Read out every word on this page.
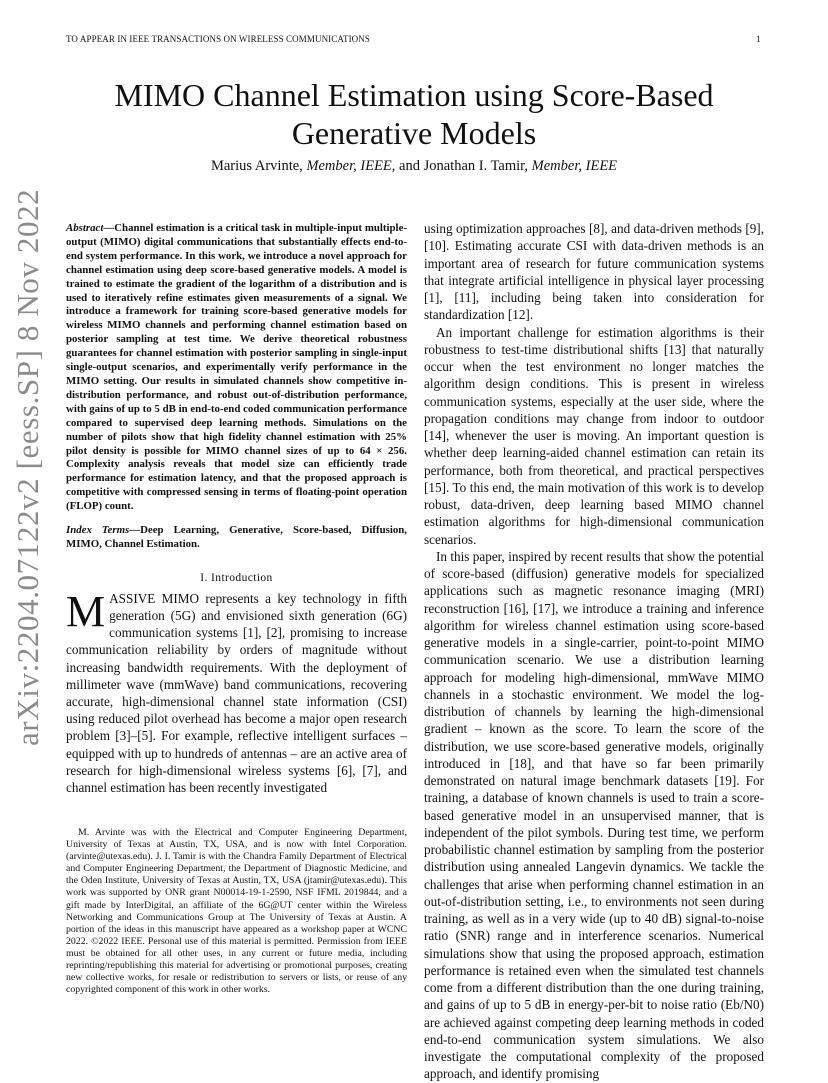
TO APPEAR IN IEEE TRANSACTIONS ON WIRELESS COMMUNICATIONS	1
MIMO Channel Estimation using Score-Based Generative Models
Marius Arvinte, Member, IEEE, and Jonathan I. Tamir, Member, IEEE
arXiv:2204.07122v2 [eess.SP] 8 Nov 2022 Abstract—Channel estimation is a critical task in multiple-input multiple-output (MIMO) digital communications that substantially effects end-to-end system performance. In this work, we introduce a novel approach for channel estimation using deep score-based generative models. A model is trained to estimate the gradient of the logarithm of a distribution and is used to iteratively refine estimates given measurements of a signal. We introduce a framework for training score-based generative models for wireless MIMO channels and performing channel estimation based on posterior sampling at test time. We derive theoretical robustness guarantees for channel estimation with posterior sampling in single-input single-output scenarios, and experimentally verify performance in the MIMO setting. Our results in simulated channels show competitive in-distribution performance, and robust out-of-distribution performance, with gains of up to 5 dB in end-to-end coded communication performance compared to supervised deep learning methods. Simulations on the number of pilots show that high fidelity channel estimation with 25% pilot density is possible for MIMO channel sizes of up to 64 × 256. Complexity analysis reveals that model size can efficiently trade performance for estimation latency, and that the proposed approach is competitive with compressed sensing in terms of floating-point operation (FLOP) count.

Index Terms—Deep Learning, Generative, Score-based, Diffusion, MIMO, Channel Estimation.

I. Introduction

MASSIVE MIMO represents a key technology in fifth generation (5G) and envisioned sixth generation (6G) communication systems [1], [2], promising to increase communication reliability by orders of magnitude without increasing bandwidth requirements. With the deployment of millimeter wave (mmWave) band communications, recovering accurate, high-dimensional channel state information (CSI) using reduced pilot overhead has become a major open research problem [3]–[5]. For example, reflective intelligent surfaces – equipped with up to hundreds of antennas – are an active area of research for high-dimensional wireless systems [6], [7], and channel estimation has been recently investigated

M. Arvinte was with the Electrical and Computer Engineering Department, University of Texas at Austin, TX, USA, and is now with Intel Corporation. (arvinte@utexas.edu). J. I. Tamir is with the Chandra Family Department of Electrical and Computer Engineering Department, the Department of Diagnostic Medicine, and the Oden Institute, University of Texas at Austin, TX, USA (jtamir@utexas.edu). This work was supported by ONR grant N00014-19-1-2590, NSF IFML 2019844, and a gift made by InterDigital, an affiliate of the 6G@UT center within the Wireless Networking and Communications Group at The University of Texas at Austin. A portion of the ideas in this manuscript have appeared as a workshop paper at WCNC 2022. ©2022 IEEE. Personal use of this material is permitted. Permission from IEEE must be obtained for all other uses, in any current or future media, including reprinting/republishing this material for advertising or promotional purposes, creating new collective works, for resale or redistribution to servers or lists, or reuse of any copyrighted component of this work in other works.

using optimization approaches [8], and data-driven methods [9], [10]. Estimating accurate CSI with data-driven methods is an important area of research for future communication systems that integrate artificial intelligence in physical layer processing [1], [11], including being taken into consideration for standardization [12].

An important challenge for estimation algorithms is their robustness to test-time distributional shifts [13] that naturally occur when the test environment no longer matches the algorithm design conditions. This is present in wireless communication systems, especially at the user side, where the propagation conditions may change from indoor to outdoor [14], whenever the user is moving. An important question is whether deep learning-aided channel estimation can retain its performance, both from theoretical, and practical perspectives [15]. To this end, the main motivation of this work is to develop robust, data-driven, deep learning based MIMO channel estimation algorithms for high-dimensional communication scenarios.

In this paper, inspired by recent results that show the potential of score-based (diffusion) generative models for specialized applications such as magnetic resonance imaging (MRI) reconstruction [16], [17], we introduce a training and inference algorithm for wireless channel estimation using score-based generative models in a single-carrier, point-to-point MIMO communication scenario. We use a distribution learning approach for modeling high-dimensional, mmWave MIMO channels in a stochastic environment. We model the log-distribution of channels by learning the high-dimensional gradient – known as the score. To learn the score of the distribution, we use score-based generative models, originally introduced in [18], and that have so far been primarily demonstrated on natural image benchmark datasets [19]. For training, a database of known channels is used to train a score-based generative model in an unsupervised manner, that is independent of the pilot symbols. During test time, we perform probabilistic channel estimation by sampling from the posterior distribution using annealed Langevin dynamics. We tackle the challenges that arise when performing channel estimation in an out-of-distribution setting, i.e., to environments not seen during training, as well as in a very wide (up to 40 dB) signal-to-noise ratio (SNR) range and in interference scenarios. Numerical simulations show that using the proposed approach, estimation performance is retained even when the simulated test channels come from a different distribution than the one during training, and gains of up to 5 dB in energy-per-bit to noise ratio (Eb/N0) are achieved against competing deep learning methods in coded end-to-end communication system simulations. We also investigate the computational complexity of the proposed approach, and identify promising
